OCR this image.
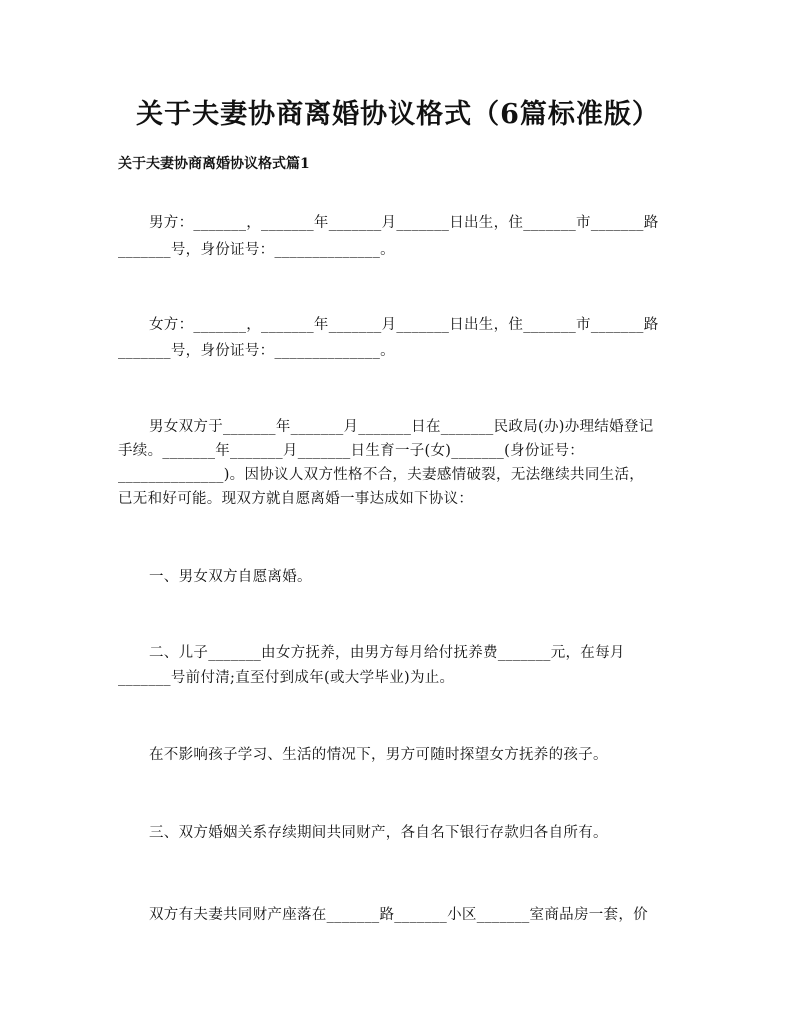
关于夫妻协商离婚协议格式（6篇标准版）
关于夫妻协商离婚协议格式篇1
男方：_______，_______年_______月_______日出生，住_______市_______路
_______号，身份证号：______________。
女方：_______，_______年_______月_______日出生，住_______市_______路
_______号，身份证号：______________。
男女双方于_______年_______月_______日在_______民政局(办)办理结婚登记
手续。_______年_______月_______日生育一子(女)_______(身份证号：
______________)。因协议人双方性格不合，夫妻感情破裂，无法继续共同生活，
已无和好可能。现双方就自愿离婚一事达成如下协议：
一、男女双方自愿离婚。
二、儿子_______由女方抚养，由男方每月给付抚养费_______元，在每月
_______号前付清;直至付到成年(或大学毕业)为止。
在不影响孩子学习、生活的情况下，男方可随时探望女方抚养的孩子。
三、双方婚姻关系存续期间共同财产，各自名下银行存款归各自所有。
双方有夫妻共同财产座落在_______路_______小区_______室商品房一套，价
